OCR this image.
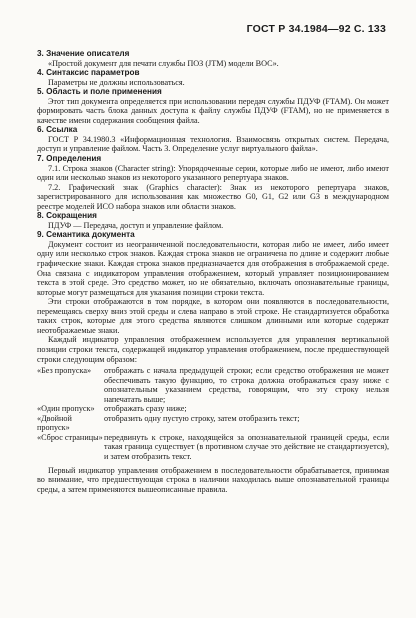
ГОСТ Р 34.1984—92 С. 133
3. Значение описателя

«Простой документ для печати службы ПОЗ (JTM) модели ВОС».

4. Синтаксис параметров

Параметры не должны использоваться.

5. Область и поле применения

Этот тип документа определяется при использовании передач службы ПДУФ (FTAM). Он может формировать часть блока данных доступа к файлу службы ПДУФ (FTAM), но не применяется в качестве имени содержания сообщения файла.

6. Ссылка

ГОСТ Р 34.1980.3 «Информационная технология. Взаимосвязь открытых систем. Передача, доступ и управление файлом. Часть 3. Определение услуг виртуального файла».

7. Определения

7.1. Строка знаков (Character string): Упорядоченные серии, которые либо не имеют, либо имеют один или несколько знаков из некоторого указанного репертуара знаков.

7.2. Графический знак (Graphics character): Знак из некоторого репертуара знаков, зарегистрированного для использования как множество G0, G1, G2 или G3 в международном реестре моделей ИСО набора знаков или области знаков.

8. Сокращения

ПДУФ — Передача, доступ и управление файлом.

9. Семантика документа

Документ состоит из неограниченной последовательности, которая либо не имеет, либо имеет одну или несколько строк знаков. Каждая строка знаков не ограничена по длине и содержит любые графические знаки. Каждая строка знаков предназначается для отображения в отображаемой среде. Она связана с индикатором управления отображением, который управляет позиционированием текста в этой среде. Это средство может, но не обязательно, включать опознавательные границы, которые могут размещаться для указания позиции строки текста.

Эти строки отображаются в том порядке, в котором они появляются в последовательности, перемещаясь сверху вниз этой среды и слева направо в этой строке. Не стандартизуется обработка таких строк, которые для этого средства являются слишком длинными или которые содержат неотображаемые знаки.

Каждый индикатор управления отображением используется для управления вертикальной позиции строки текста, содержащей индикатор управления отображением, после предшествующей строки следующим образом:

«Без пропуска»	отображать с начала предыдущей строки; если средство отображения не может обеспечивать такую функцию, то строка должна отображаться сразу ниже с опознательным указанием средства, говорящим, что эту строку нельзя напечатать выше;
«Один пропуск»	отображать сразу ниже;
«Двойной пропуск»
отобразить одну пустую строку, затем отобразить текст;
«Сброс страницы» передвинуть к строке, находящейся за опознавательной границей среды, если такая граница существует (в противном случае это действие не стандартизуется), и затем отобразить текст.

Первый индикатор управления отображением в последовательности обрабатывается, принимая во внимание, что предшествующая строка в наличии находилась выше опознавательной границы среды, а затем применяются вышеописанные правила.
